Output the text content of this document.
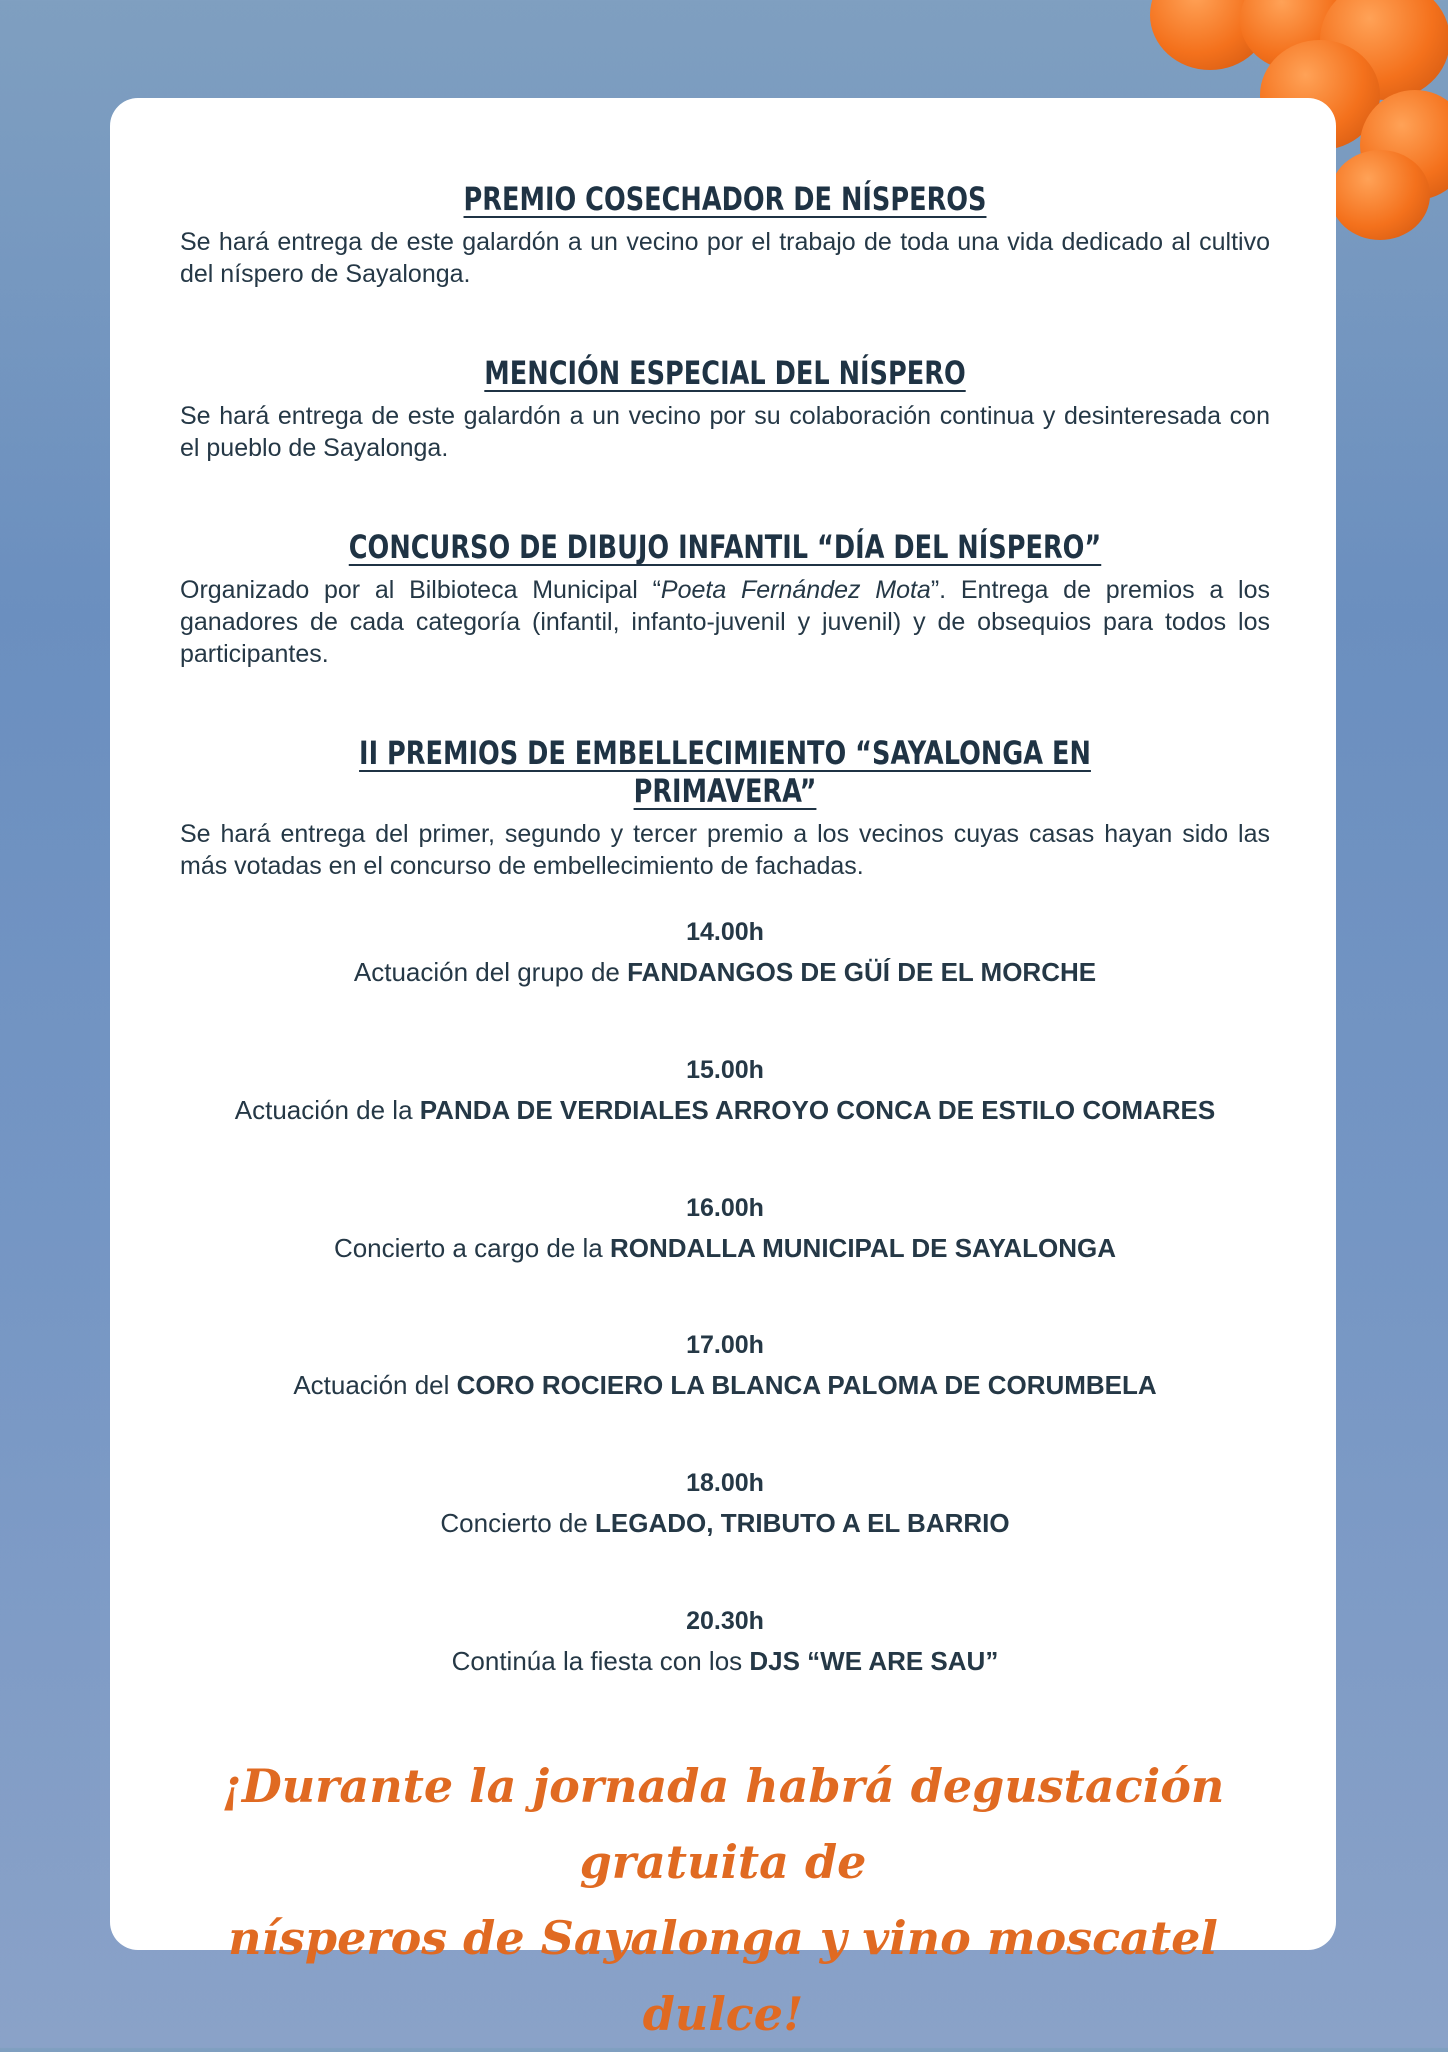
PREMIO COSECHADOR DE NÍSPEROS

Se hará entrega de este galardón a un vecino por el trabajo de toda una vida dedicado al cultivo del níspero de Sayalonga.

MENCIÓN ESPECIAL DEL NÍSPERO

Se hará entrega de este galardón a un vecino por su colaboración continua y desinteresada con el pueblo de Sayalonga.

CONCURSO DE DIBUJO INFANTIL “DÍA DEL NÍSPERO”

Organizado por al Bilbioteca Municipal “Poeta Fernández Mota”. Entrega de premios a los ganadores de cada categoría (infantil, infanto-juvenil y juvenil) y de obsequios para todos los participantes.

II PREMIOS DE EMBELLECIMIENTO “SAYALONGA EN PRIMAVERA”

Se hará entrega del primer, segundo y tercer premio a los vecinos cuyas casas hayan sido las más votadas en el concurso de embellecimiento de fachadas.

14.00h

Actuación del grupo de FANDANGOS DE GÜÍ DE EL MORCHE

15.00h

Actuación de la PANDA DE VERDIALES ARROYO CONCA DE ESTILO COMARES

16.00h

Concierto a cargo de la RONDALLA MUNICIPAL DE SAYALONGA

17.00h

Actuación del CORO ROCIERO LA BLANCA PALOMA DE CORUMBELA

18.00h

Concierto de LEGADO, TRIBUTO A EL BARRIO

20.30h

Continúa la fiesta con los DJS “WE ARE SAU”

¡Durante la jornada habrá degustación gratuita de
nísperos de Sayalonga y vino moscatel dulce!
